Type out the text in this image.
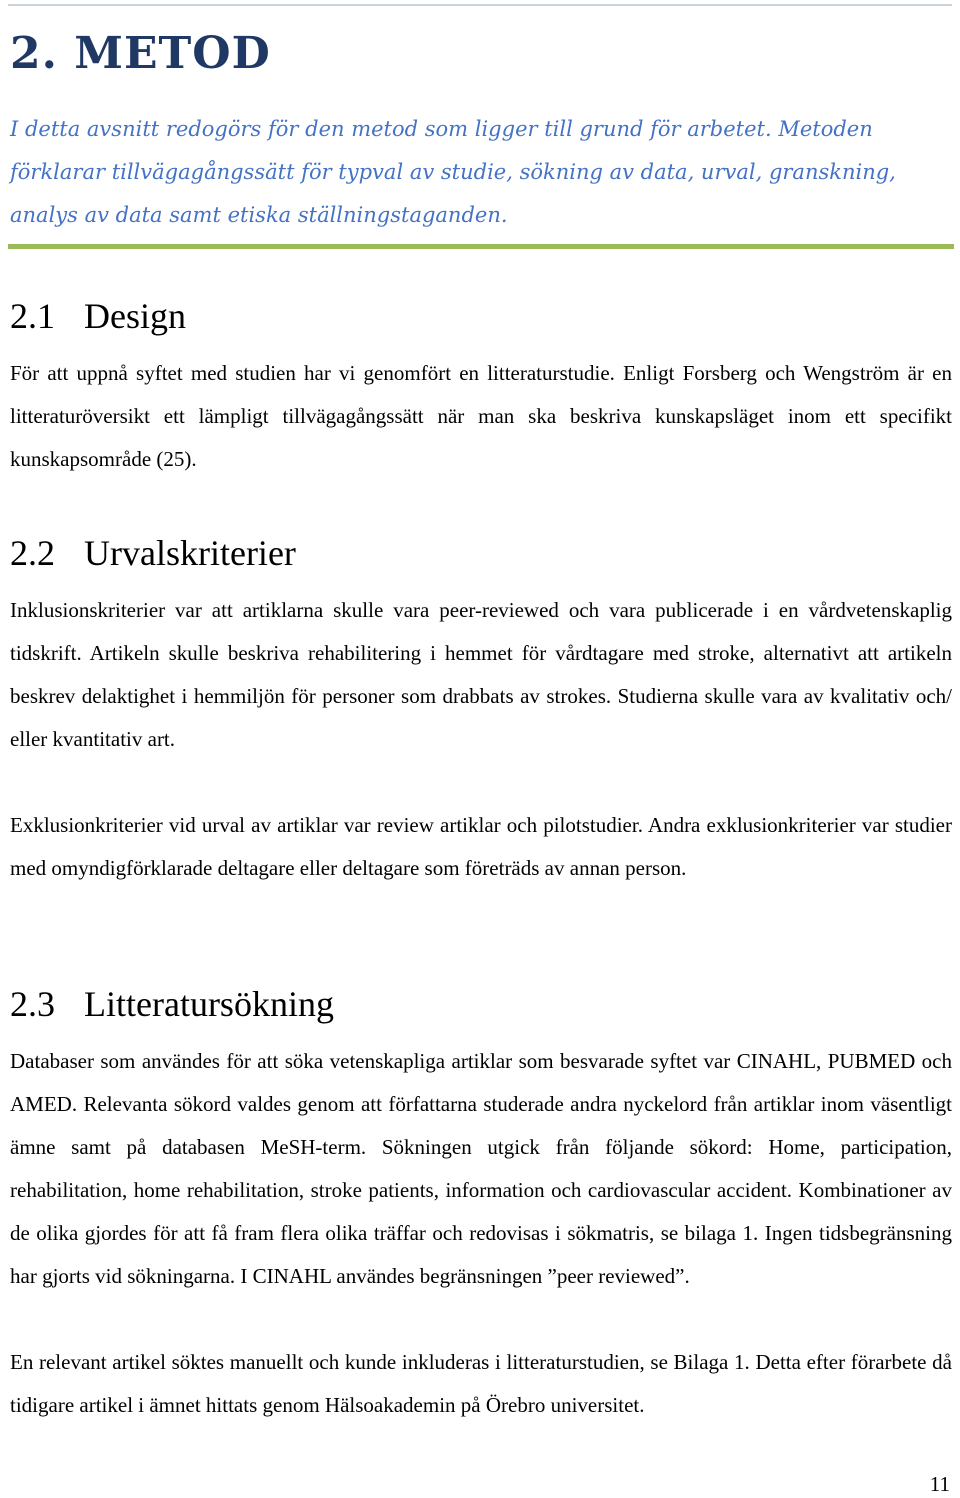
2. METOD

I detta avsnitt redogörs för den metod som ligger till grund för arbetet. Metoden förklarar tillvägagångssätt för typval av studie, sökning av data, urval, granskning, analys av data samt etiska ställningstaganden.

2.1 Design

För att uppnå syftet med studien har vi genomfört en litteraturstudie. Enligt Forsberg och Wengström är en litteraturöversikt ett lämpligt tillvägagångssätt när man ska beskriva kunskapsläget inom ett specifikt kunskapsområde (25).

2.2 Urvalskriterier

Inklusionskriterier var att artiklarna skulle vara peer-reviewed och vara publicerade i en vårdvetenskaplig tidskrift. Artikeln skulle beskriva rehabilitering i hemmet för vårdtagare med stroke, alternativt att artikeln beskrev delaktighet i hemmiljön för personer som drabbats av strokes. Studierna skulle vara av kvalitativ och/ eller kvantitativ art.

Exklusionkriterier vid urval av artiklar var review artiklar och pilotstudier. Andra exklusionkriterier var studier med omyndigförklarade deltagare eller deltagare som företräds av annan person.

2.3 Litteratursökning

Databaser som användes för att söka vetenskapliga artiklar som besvarade syftet var CINAHL, PUBMED och AMED. Relevanta sökord valdes genom att författarna studerade andra nyckelord från artiklar inom väsentligt ämne samt på databasen MeSH-term. Sökningen utgick från följande sökord: Home, participation, rehabilitation, home rehabilitation, stroke patients, information och cardiovascular accident. Kombinationer av de olika gjordes för att få fram flera olika träffar och redovisas i sökmatris, se bilaga 1. Ingen tidsbegränsning har gjorts vid sökningarna. I CINAHL användes begränsningen ”peer reviewed”.

En relevant artikel söktes manuellt och kunde inkluderas i litteraturstudien, se Bilaga 1. Detta efter förarbete då tidigare artikel i ämnet hittats genom Hälsoakademin på Örebro universitet.

11
